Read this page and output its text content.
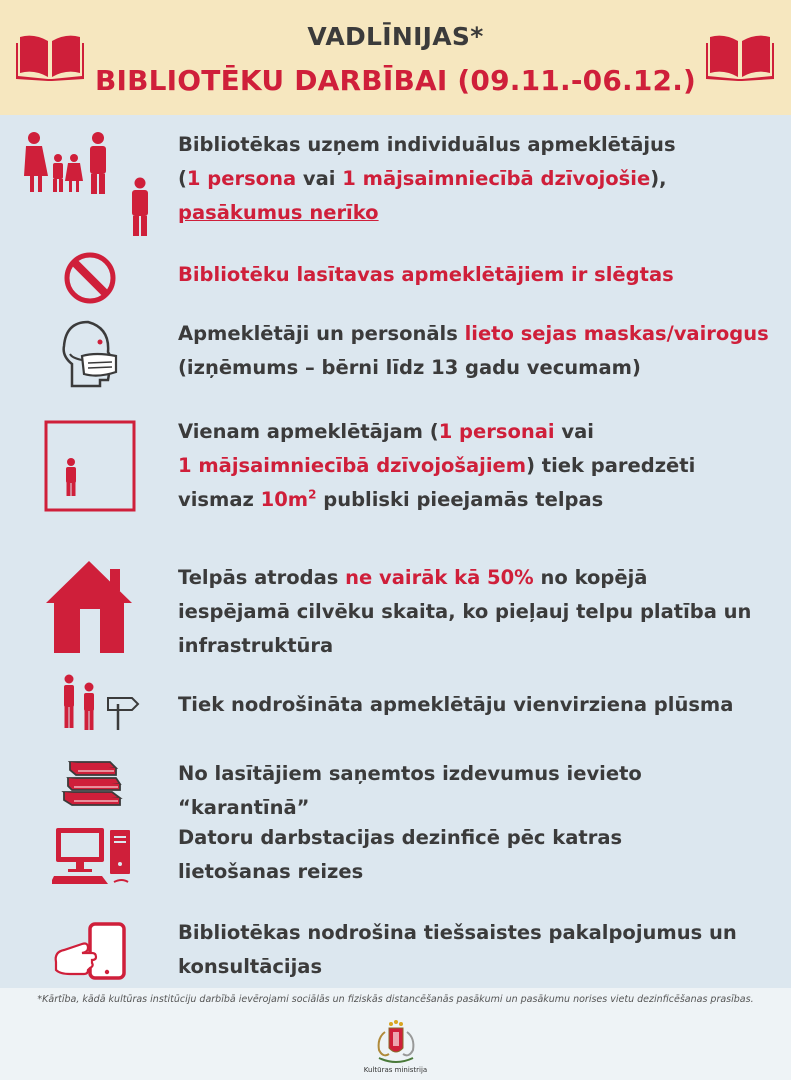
VADLĪNIJAS*
BIBLIOTĒKU DARBĪBAI (09.11.-06.12.)
Bibliotēkas uzņem individuālus apmeklētājus
(1 persona vai 1 mājsaimniecībā dzīvojošie),
pasākumus nerīko
Bibliotēku lasītavas apmeklētājiem ir slēgtas
Apmeklētāji un personāls lieto sejas maskas/vairogus
(izņēmums – bērni līdz 13 gadu vecumam)
Vienam apmeklētājam (1 personai vai
1 mājsaimniecībā dzīvojošajiem) tiek paredzēti
vismaz $10m^2$ publiski pieejamās telpas
Telpās atrodas ne vairāk kā 50% no kopējā
iespējamā cilvēku skaita, ko pieļauj telpu platība un
infrastruktūra
Tiek nodrošināta apmeklētāju vienvirziena plūsma
No lasītājiem saņemtos izdevumus ievieto “karantīnā”
Datoru darbstacijas dezinficē pēc katras
lietošanas reizes
Bibliotēkas nodrošina tiešsaistes pakalpojumus un
konsultācijas
*Kārtība, kādā kultūras institūciju darbībā ievērojami sociālās un fiziskās distancēšanās pasākumi un pasākumu norises vietu dezinficēšanas prasības.
Kultūras ministrija
